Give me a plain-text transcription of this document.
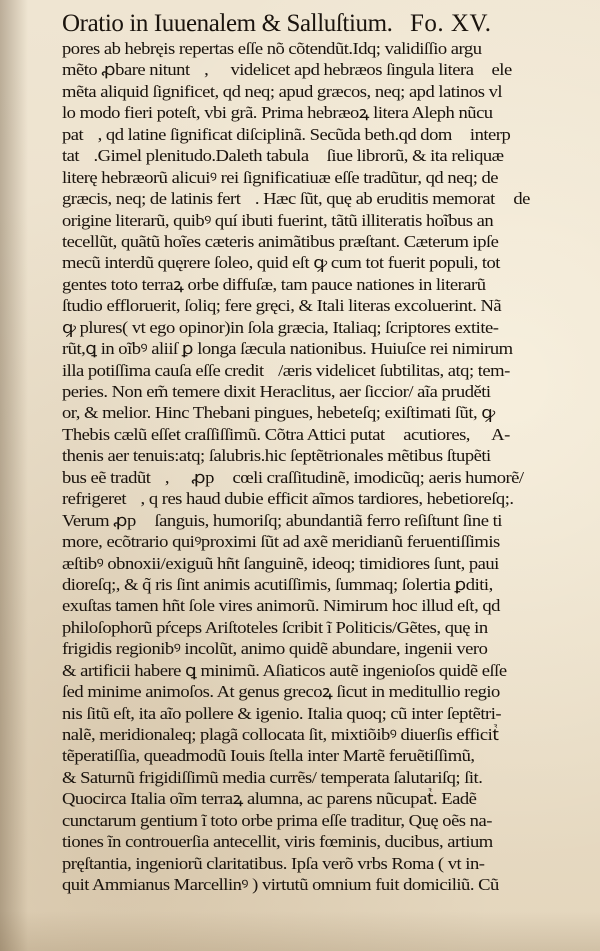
Oratio in Iuuenalem & Salluſtium. Fo. XV.
pores ab hebręis repertas eſſe nõ cõtendũt.Idq; validiſſio argu
mẽto ꝓbare nituntᷣ, ꝙ videlicet apd hebræos ſingula literaꝝ ele
mẽta aliquid ſignificet, qd neq; apud græcos, neq; apd latinos vl
lo modo fieri poteſt, vbi grã. Prima hebræoꝝ litera Aleph nũcu
patᷣ, qd latine ſignificat diſciplinã. Secũda beth.qd domꝰ interp
tatᷣ.Gimel plenitudo.Daleth tabulaꝝ ſiue librorũ, & ita reliquæ
literę hebræorũ alicuiꝰ rei ſignificatiuæ eſſe tradũtur, qd neq; de
græcis, neq; de latinis fertᷣ. Hæc ſũt, quę ab eruditis memoratᷣ de
origine literarũ, quibꝰ quí ibuti fuerint, tãtũ illiteratis hoĩbus an
tecellũt, quãtũ hoĩes cæteris animãtibus præſtant. Cæterum ipſe
mecũ interdũ quęrere ſoleo, quid eſt ꝙ cum tot fuerit populi, tot
gentes toto terraꝝ orbe diffuſæ, tam pauce nationes in literarũ
ſtudio effloruerit, ſoliq; fere gręci, & Itali literas excoluerint. Nã
ꝙ plures( vt ego opinor)in ſola græcia, Italiaq; ſcriptores extite-
rũt,ꝗ in oĩbꝰ aliiſ ꝑ longa ſæcula nationibus. Huiuſce rei nimirum
illa potiſſima cauſa eſſe creditᷣ/æris videlicet ſubtilitas, atq; tem-
peries. Non em̃ temere dixit Heraclitus, aer ſiccior/ aĩa pruděti
or, & melior. Hinc Thebani pingues, hebeteſq; exiſtimati ſũt, ꝙ
Thebis cælũ eſſet craſſiſſimũ. Cõtra Attici putatᷣ acutiores, ꝙ A-
thenis aer tenuis:atq; ſalubris.hic ſeptẽtrionales mẽtibus ſtupẽti
bus eẽ tradũtᷣ, ꝙ ꝓpᷣ cœli craſſitudinẽ, imodicũq; aeris humorẽ/
refrigeretᷣ, q res haud dubie efficit aĩmos tardiores, hebetioreſq;.
Verum ꝓpᷣ ſanguis, humoriſq; abundantiã ferro reſiſtunt ſine ti
more, ecõtrario quiꝰproximi ſũt ad axẽ meridianũ feruentiſſimis
æſtibꝰ obnoxii/exiguũ hñt ſanguinẽ, ideoq; timidiores ſunt, paui
dioreſq;, & q̃ ris ſint animis acutiſſimis, ſummaq; ſolertia ꝑditi,
exuſtas tamen hñt ſole vires animorũ. Nimirum hoc illud eſt, qd
philoſophorũ pŕceps Ariſtoteles ſcribit ĩ Politicis/Gẽtes, quę in
frigidis regionibꝰ incolũt, animo quidẽ abundare, ingenii vero
& artificii habere ꝗ minimũ. Aſiaticos autẽ ingenioſos quidẽ eſſe
ſed minime animoſos. At genus grecoꝝ ſicut in meditullio regio
nis ſitũ eſt, ita aĩo pollere & igenio. Italia quoq; cũ inter ſeptẽtri-
nalẽ, meridionaleq; plagã collocata ſit, mixtiõibꝰ diuerſis efficitᷣ
tẽperatiſſia, queadmodũ Iouis ſtella inter Martẽ feruẽtiſſimũ,
& Saturnũ frigidiſſimũ media currẽs/ temperata ſalutariſq; ſit.
Quocirca Italia oĩm terraꝝ alumna, ac parens nũcupatᷣ. Eadẽ
cunctarum gentium ĩ toto orbe prima eſſe traditur, Quę oẽs na-
tiones ĩn controuerſia antecellit, viris fœminis, ducibus, artium
pręſtantia, ingeniorũ claritatibus. Ipſa verõ vrbs Roma ( vt in-
quit Ammianus Marcellinꝰ ) virtutũ omnium fuit domiciliũ. Cũ
